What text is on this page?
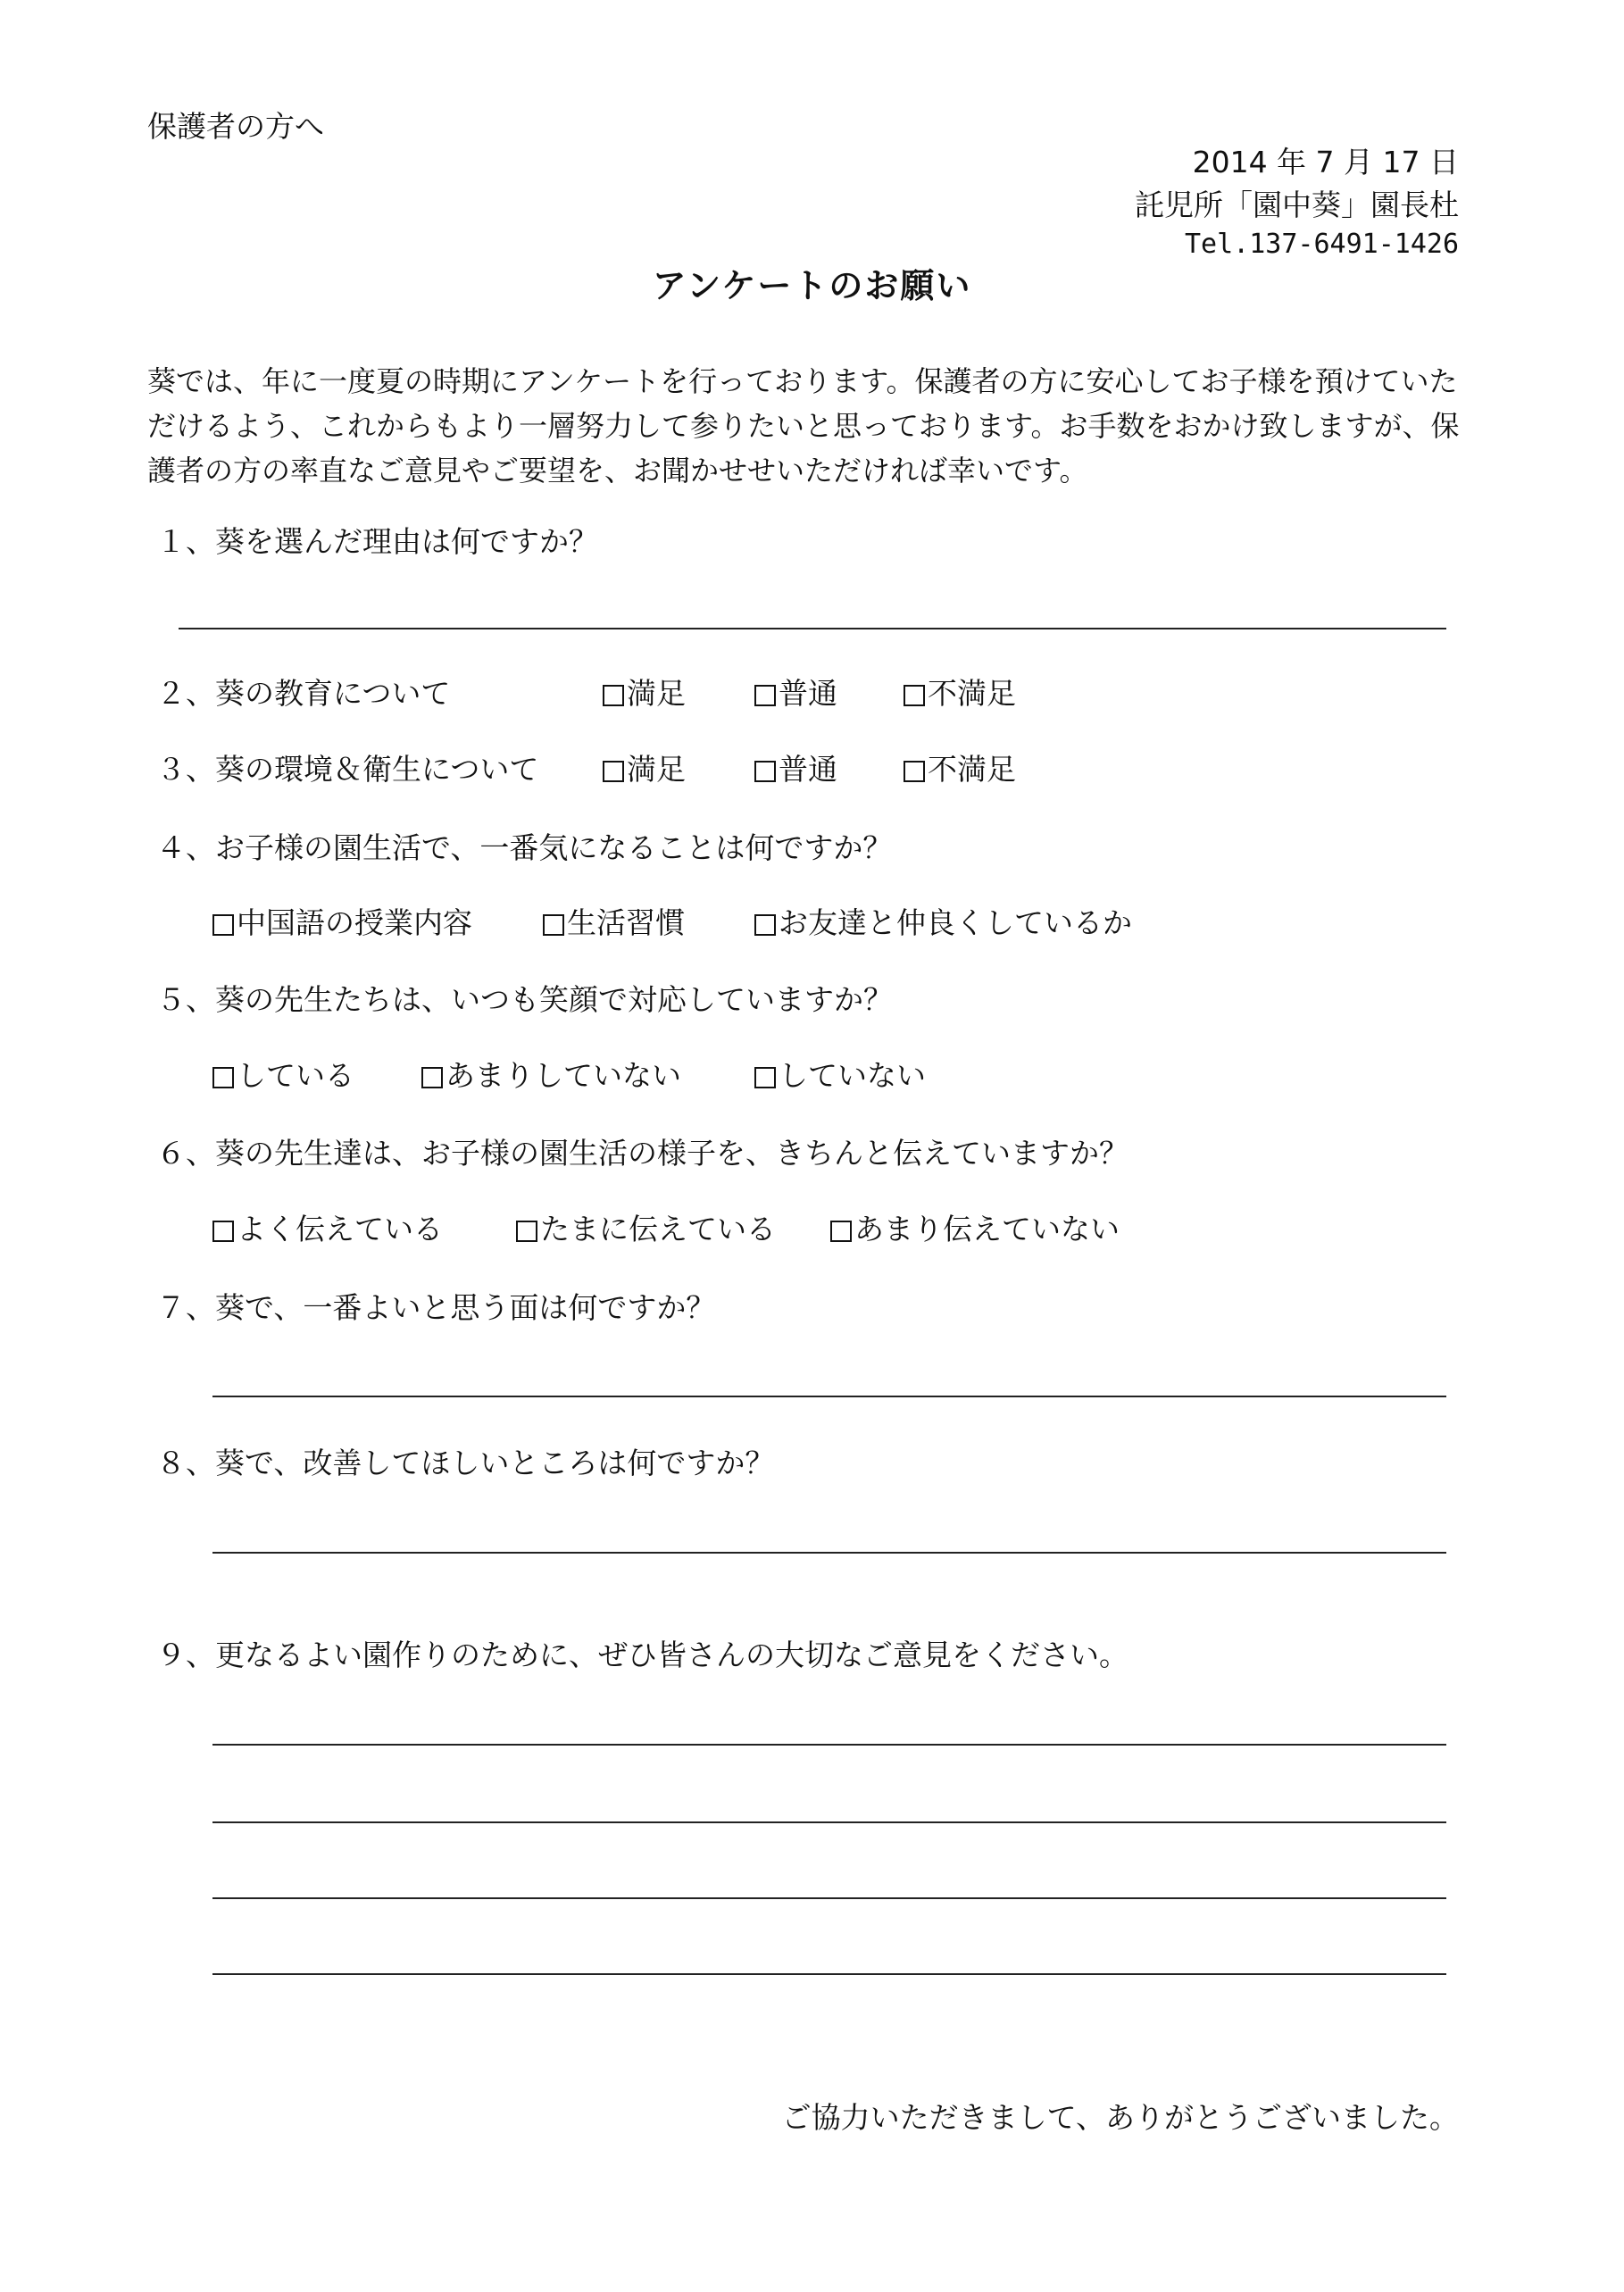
保護者の方へ
2014 年 7 月 17 日
託児所「園中葵」園長杜
Tel.137-6491-1426
アンケートのお願い
葵では、年に一度夏の時期にアンケートを行っております。保護者の方に安心してお子様を預けていた
だけるよう、これからもより一層努力して参りたいと思っております。お手数をおかけ致しますが、保
護者の方の率直なご意見やご要望を、お聞かせせいただければ幸いです。
１、葵を選んだ理由は何ですか？
２、葵の教育について	満足	普通	不満足
３、葵の環境＆衛生について	満足	普通	不満足
４、お子様の園生活で、一番気になることは何ですか？
中国語の授業内容	生活習慣	お友達と仲良くしているか
５、葵の先生たちは、いつも笑顔で対応していますか？
している	あまりしていない	していない
６、葵の先生達は、お子様の園生活の様子を、きちんと伝えていますか？
よく伝えている	たまに伝えている	あまり伝えていない
７、葵で、一番よいと思う面は何ですか？
８、葵で、改善してほしいところは何ですか？
９、更なるよい園作りのために、ぜひ皆さんの大切なご意見をください。
ご協力いただきまして、ありがとうございました。
